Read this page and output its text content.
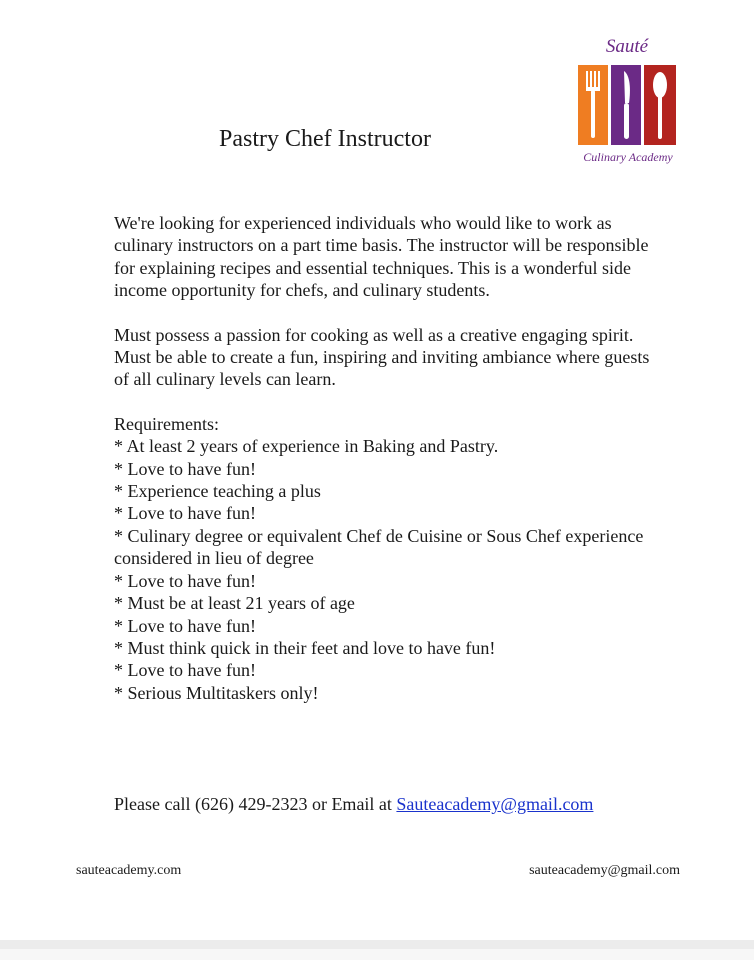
Sauté
Culinary Academy
Pastry Chef Instructor

We're looking for experienced individuals who would like to work as culinary instructors on a part time basis. The instructor will be responsible for explaining recipes and essential techniques. This is a wonderful side income opportunity for chefs, and culinary students.

Must possess a passion for cooking as well as a creative engaging spirit. Must be able to create a fun, inspiring and inviting ambiance where guests of all culinary levels can learn.

Requirements:
* At least 2 years of experience in Baking and Pastry.
* Love to have fun!
* Experience teaching a plus
* Love to have fun!
* Culinary degree or equivalent Chef de Cuisine or Sous Chef experience considered in lieu of degree
* Love to have fun!
* Must be at least 21 years of age
* Love to have fun!
* Must think quick in their feet and love to have fun!
* Love to have fun!
* Serious Multitaskers only!
Please call (626) 429-2323 or Email at Sauteacademy@gmail.com
sauteacademy.com	sauteacademy@gmail.com
